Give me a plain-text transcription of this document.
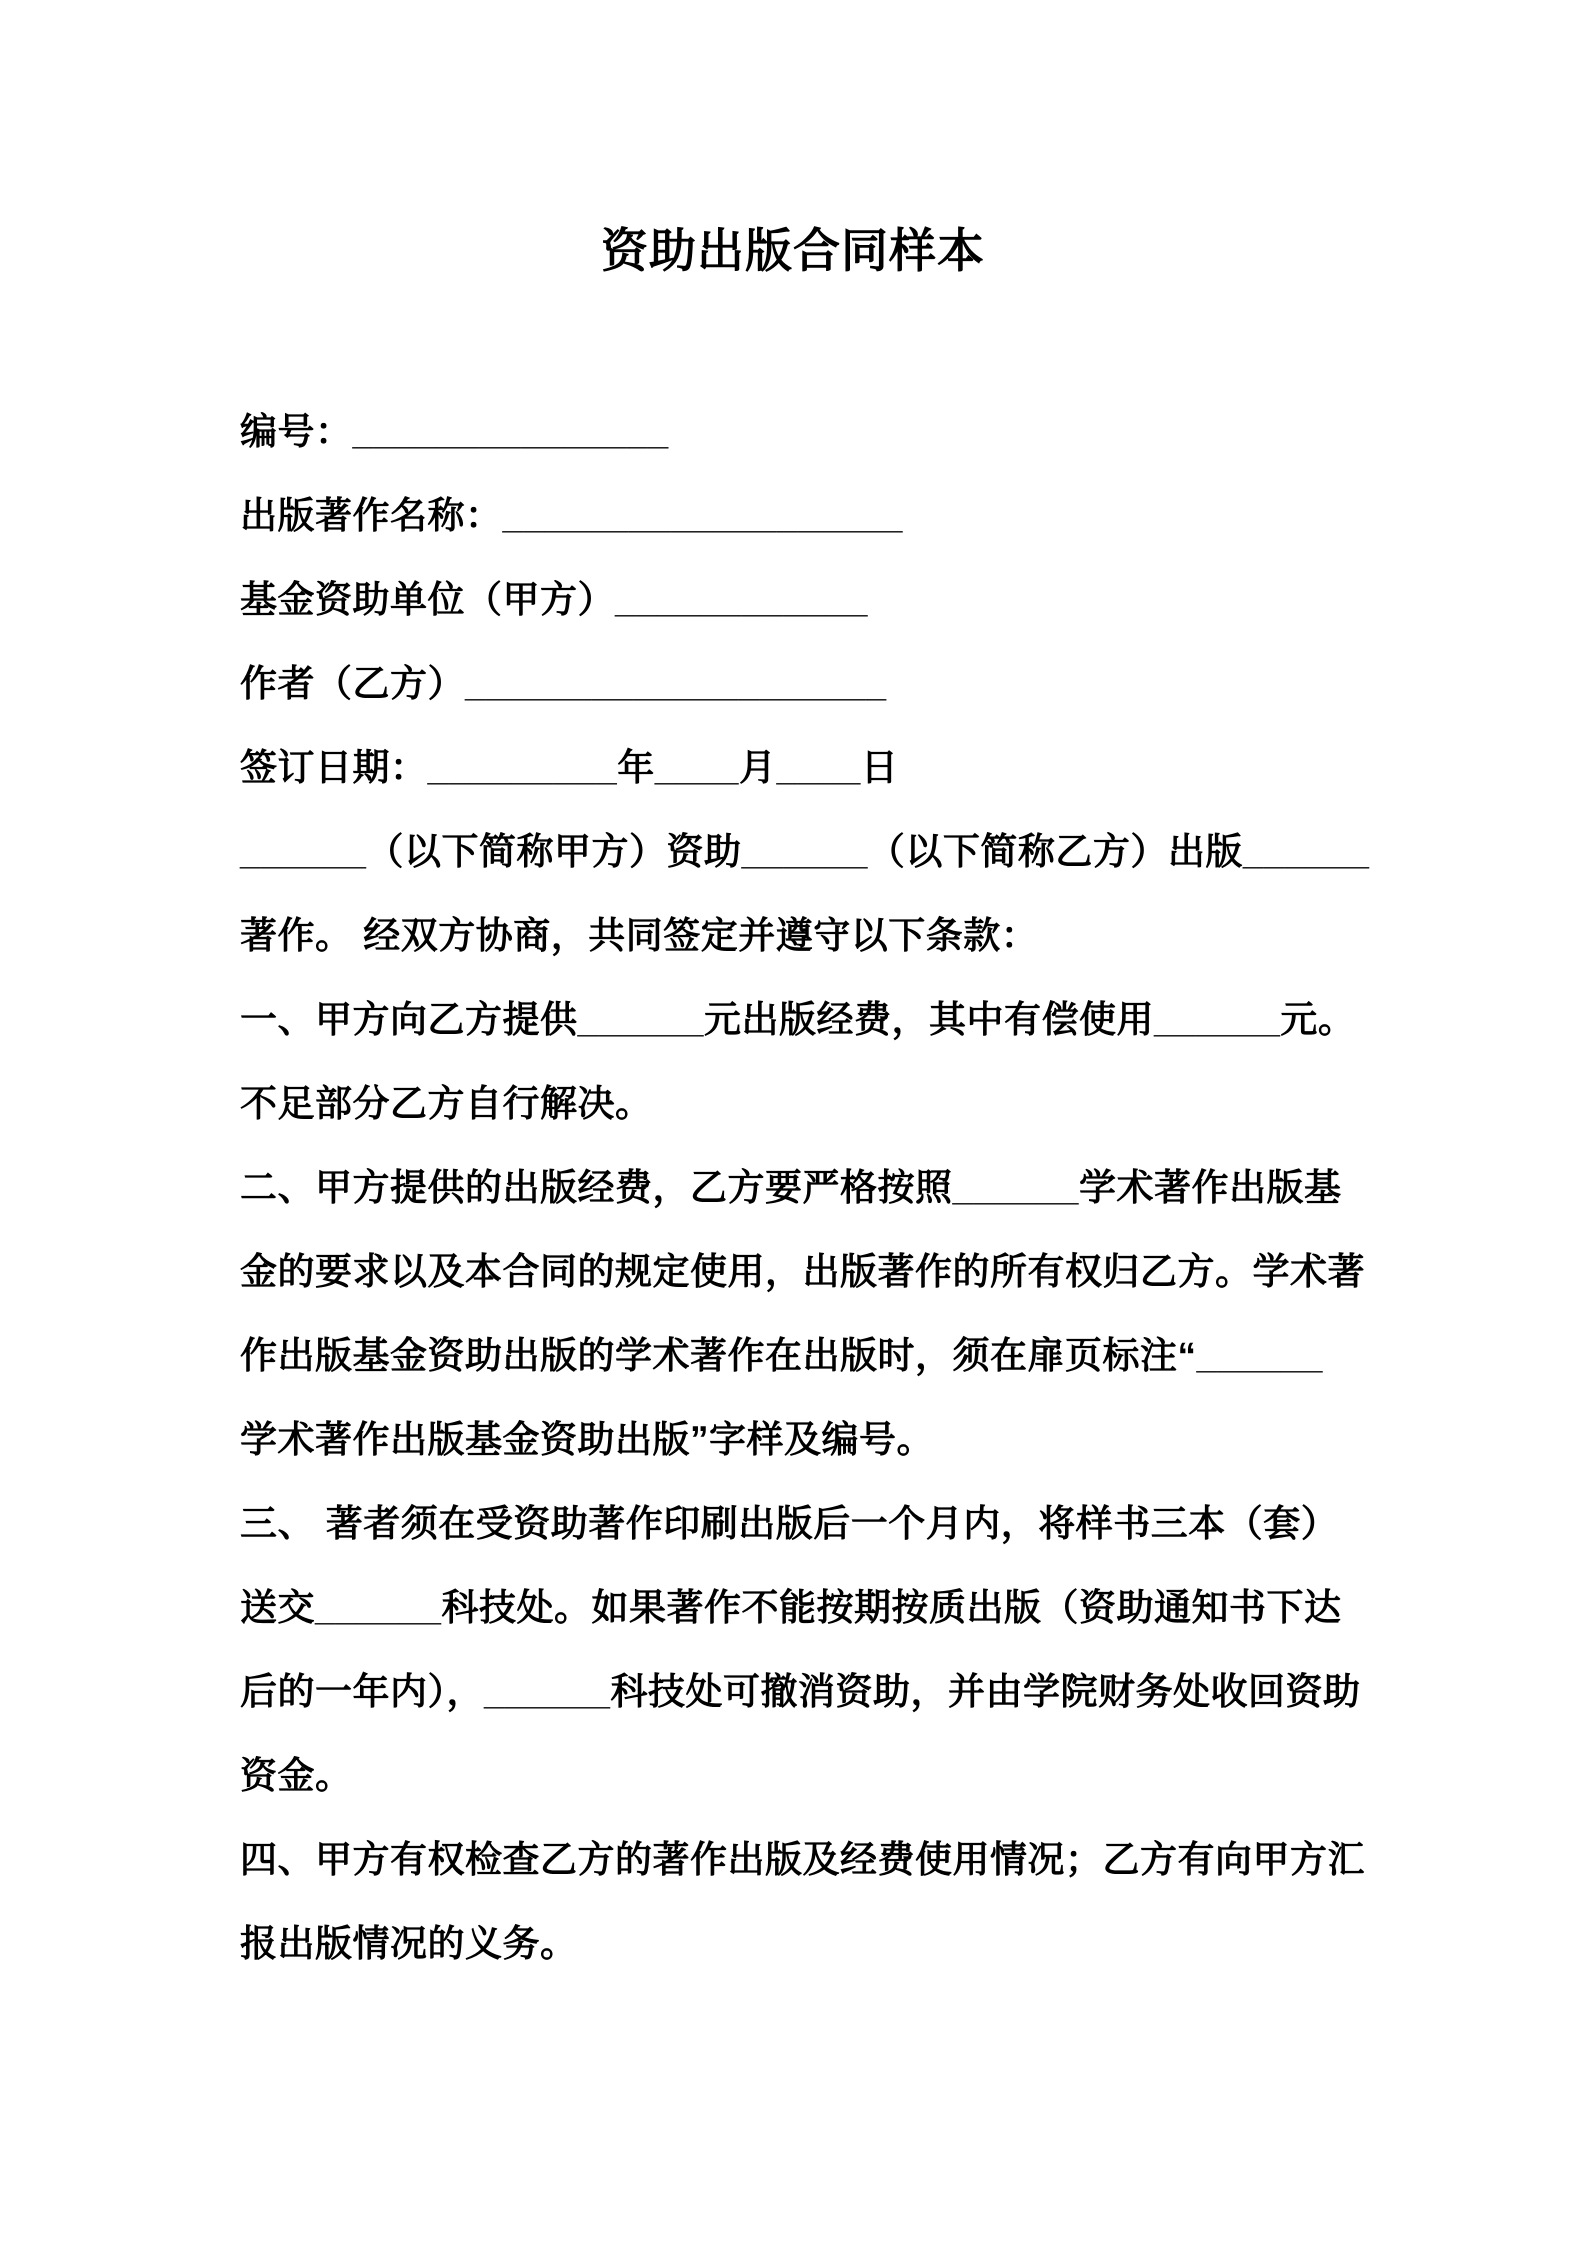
资助出版合同样本
编号：_______________
出版著作名称：___________________
基金资助单位（甲方）____________
作者（乙方）____________________
签订日期：_________年____月____日
______（以下简称甲方）资助______（以下简称乙方）出版______
著作。 经双方协商，共同签定并遵守以下条款：
一、甲方向乙方提供______元出版经费，其中有偿使用______元。
不足部分乙方自行解决。
二、甲方提供的出版经费，乙方要严格按照______学术著作出版基
金的要求以及本合同的规定使用，出版著作的所有权归乙方。学术著
作出版基金资助出版的学术著作在出版时，须在扉页标注“______
学术著作出版基金资助出版”字样及编号。
三、 著者须在受资助著作印刷出版后一个月内，将样书三本（套）
送交______科技处。如果著作不能按期按质出版（资助通知书下达
后的一年内），______科技处可撤消资助，并由学院财务处收回资助
资金。
四、甲方有权检查乙方的著作出版及经费使用情况；乙方有向甲方汇
报出版情况的义务。
